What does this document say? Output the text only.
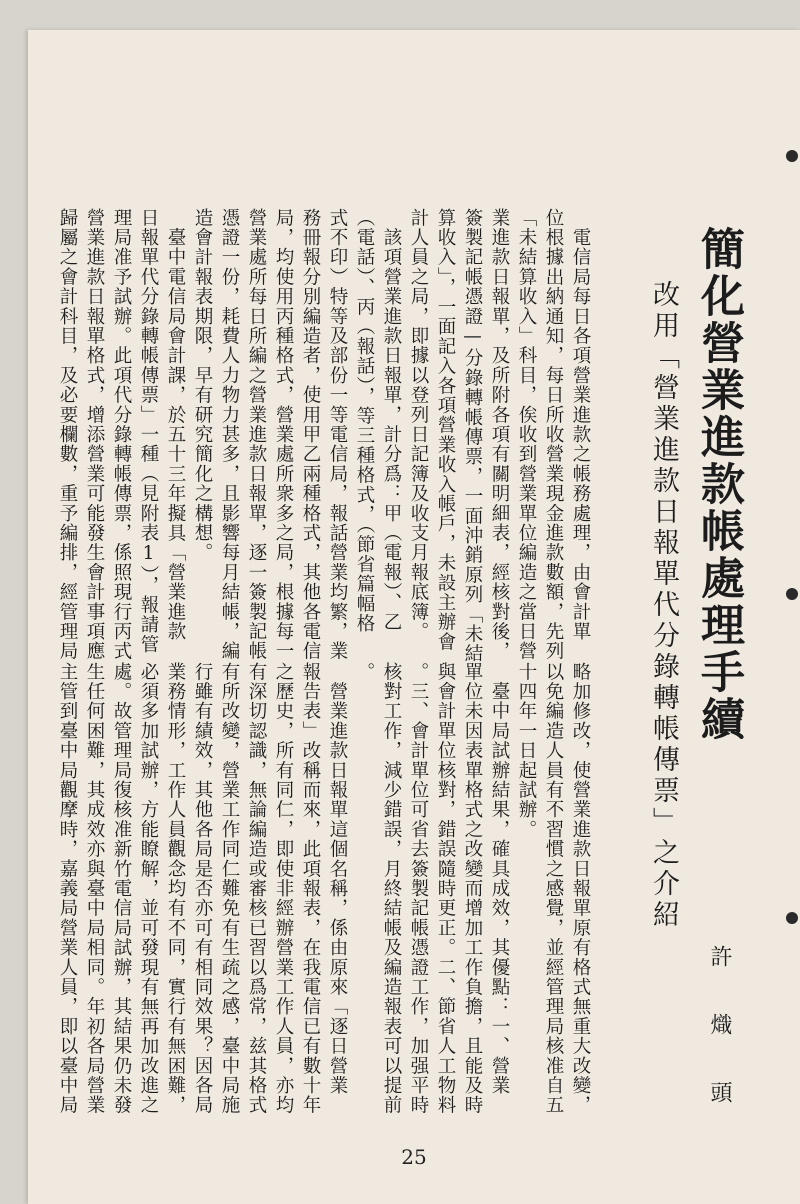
簡化營業進款帳處理手續
改用「營業進款日報單代分錄轉帳傳票」之介紹
許　熾　頭
　電信局每日各項營業進款之帳務處理，由會計單
位根據出納通知，每日所收營業現金進款數額，先列
「未結算收入」科目，俟收到營業單位編造之當日營
業進款日報單，及所附各項有關明細表，經核對後，
簽製記帳憑證—分錄轉帳傳票，一面沖銷原列「未結
算收入」，一面記入各項營業收入帳戶，未設主辦會
計人員之局，即據以登列日記簿及收支月報底簿。
　該項營業進款日報單，計分爲：甲（電報）、乙
（電話）、丙（報話），等三種格式，（節省篇幅格
式不印）特等及部份一等電信局，報話營業均繁，業
務冊報分別編造者，使用甲乙兩種格式，其他各電信
局，均使用丙種格式，營業處所衆多之局，根據每一
營業處所每日所編之營業進款日報單，逐一簽製記帳
憑證一份，耗費人力物力甚多，且影響每月結帳，編
造會計報表期限，早有研究簡化之構想。
　臺中電信局會計課，於五十三年擬具「營業進款
日報單代分錄轉帳傳票」一種（見附表1），報請管
理局准予試辦。此項代分錄轉帳傳票，係照現行丙式
營業進款日報單格式，增添營業可能發生會計事項應
歸屬之會計科目，及必要欄數，重予編排，經管理局
略加修改，使營業進款日報單原有格式無重大改變，
以免編造人員有不習慣之感覺，並經管理局核准自五
十四年一日起試辦。
　臺中局試辦結果，確具成效，其優點：一、營業
單位未因表單格式之改變而增加工作負擔，且能及時
與會計單位核對，錯誤隨時更正。二、節省人工物料
。三、會計單位可省去簽製記帳憑證工作，加强平時
核對工作，減少錯誤，月終結帳及編造報表可以提前
。
　營業進款日報單這個名稱，係由原來「逐日營業
報告表」改稱而來，此項報表，在我電信已有數十年
之歷史，所有同仁，即使非經辦營業工作人員，亦均
有深切認識，無論編造或審核已習以爲常，兹其格式
有所改變，營業工作同仁難免有生疏之感，臺中局施
行雖有績效，其他各局是否亦可有相同效果？因各局
業務情形，工作人員觀念均有不同，實行有無困難，
必須多加試辦，方能瞭解，並可發現有無再加改進之
處。故管理局復核准新竹電信局試辦，其結果仍未發
生任何困難，其成效亦與臺中局相同。年初各局營業
主管到臺中局觀摩時，嘉義局營業人員，即以臺中局
25
